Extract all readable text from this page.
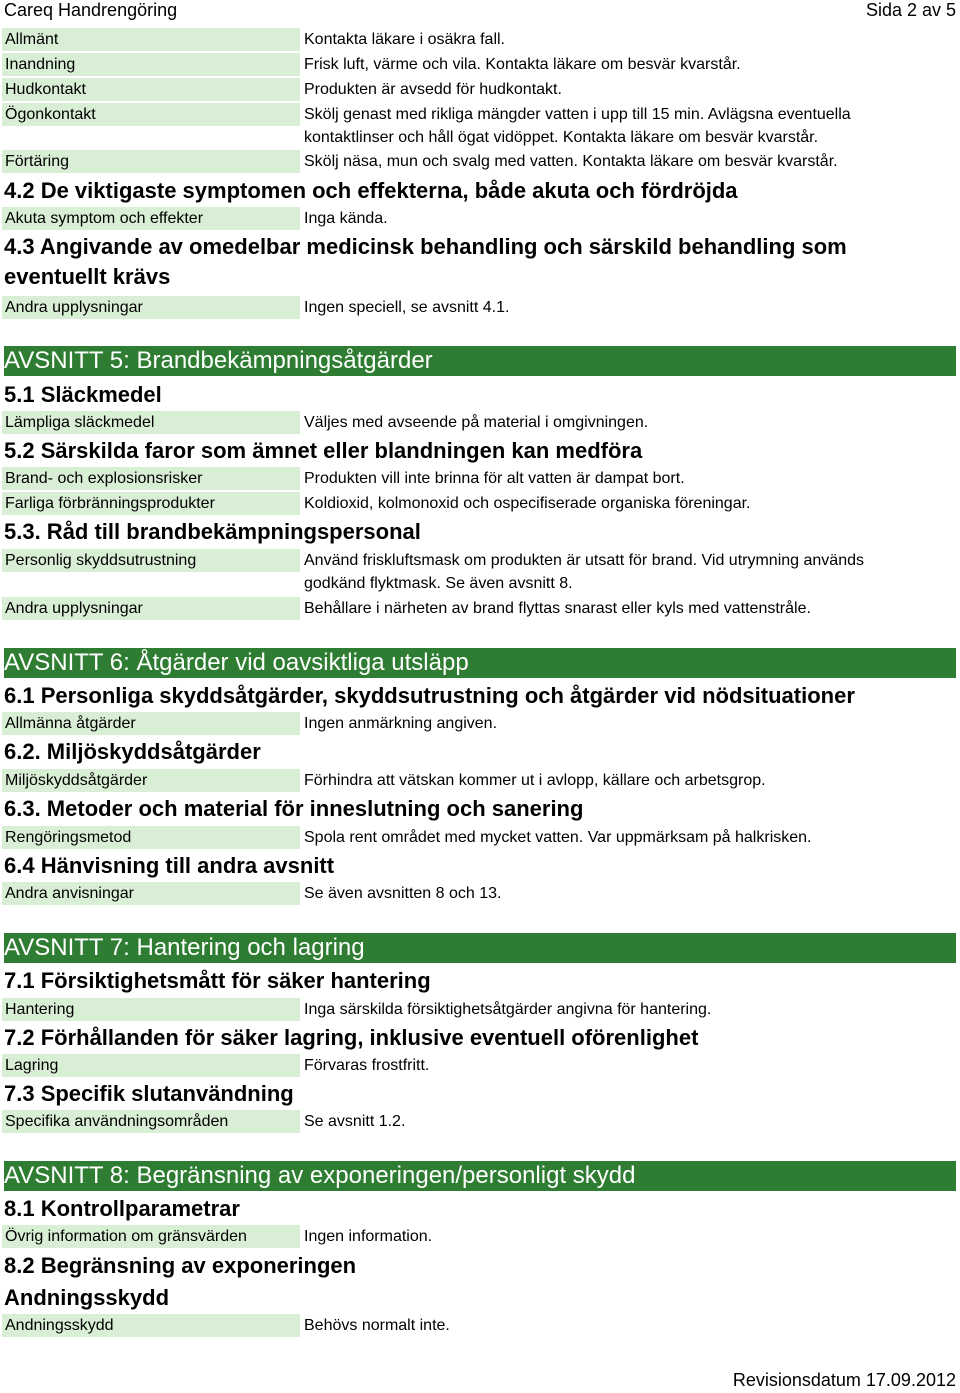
Careq Handrengöring	Sida 2 av 5
Allmänt	Kontakta läkare i osäkra fall.
Inandning	Frisk luft, värme och vila. Kontakta läkare om besvär kvarstår.
Hudkontakt	Produkten är avsedd för hudkontakt.
Ögonkontakt	Skölj genast med rikliga mängder vatten i upp till 15 min. Avlägsna eventuella kontaktlinser och håll ögat vidöppet. Kontakta läkare om besvär kvarstår.
Förtäring	Skölj näsa, mun och svalg med vatten. Kontakta läkare om besvär kvarstår.
4.2 De viktigaste symptomen och effekterna, både akuta och fördröjda
Akuta symptom och effekter	Inga kända.
4.3 Angivande av omedelbar medicinsk behandling och särskild behandling som eventuellt krävs
Andra upplysningar	Ingen speciell, se avsnitt 4.1.
AVSNITT 5: Brandbekämpningsåtgärder
5.1 Släckmedel
Lämpliga släckmedel	Väljes med avseende på material i omgivningen.
5.2 Särskilda faror som ämnet eller blandningen kan medföra
Brand- och explosionsrisker	Produkten vill inte brinna för alt vatten är dampat bort.
Farliga förbränningsprodukter	Koldioxid, kolmonoxid och ospecifiserade organiska föreningar.
5.3. Råd till brandbekämpningspersonal
Personlig skyddsutrustning	Använd friskluftsmask om produkten är utsatt för brand. Vid utrymning används godkänd flyktmask. Se även avsnitt 8.
Andra upplysningar	Behållare i närheten av brand flyttas snarast eller kyls med vattenstråle.
AVSNITT 6: Åtgärder vid oavsiktliga utsläpp
6.1 Personliga skyddsåtgärder, skyddsutrustning och åtgärder vid nödsituationer
Allmänna åtgärder	Ingen anmärkning angiven.
6.2. Miljöskyddsåtgärder
Miljöskyddsåtgärder	Förhindra att vätskan kommer ut i avlopp, källare och arbetsgrop.
6.3. Metoder och material för inneslutning och sanering
Rengöringsmetod	Spola rent området med mycket vatten. Var uppmärksam på halkrisken.
6.4 Hänvisning till andra avsnitt
Andra anvisningar	Se även avsnitten 8 och 13.
AVSNITT 7: Hantering och lagring
7.1 Försiktighetsmått för säker hantering
Hantering	Inga särskilda försiktighetsåtgärder angivna för hantering.
7.2 Förhållanden för säker lagring, inklusive eventuell oförenlighet
Lagring	Förvaras frostfritt.
7.3 Specifik slutanvändning
Specifika användningsområden	Se avsnitt 1.2.
AVSNITT 8: Begränsning av exponeringen/personligt skydd
8.1 Kontrollparametrar
Övrig information om gränsvärden	Ingen information.
8.2 Begränsning av exponeringen
Andningsskydd
Andningsskydd	Behövs normalt inte.
Revisionsdatum 17.09.2012
